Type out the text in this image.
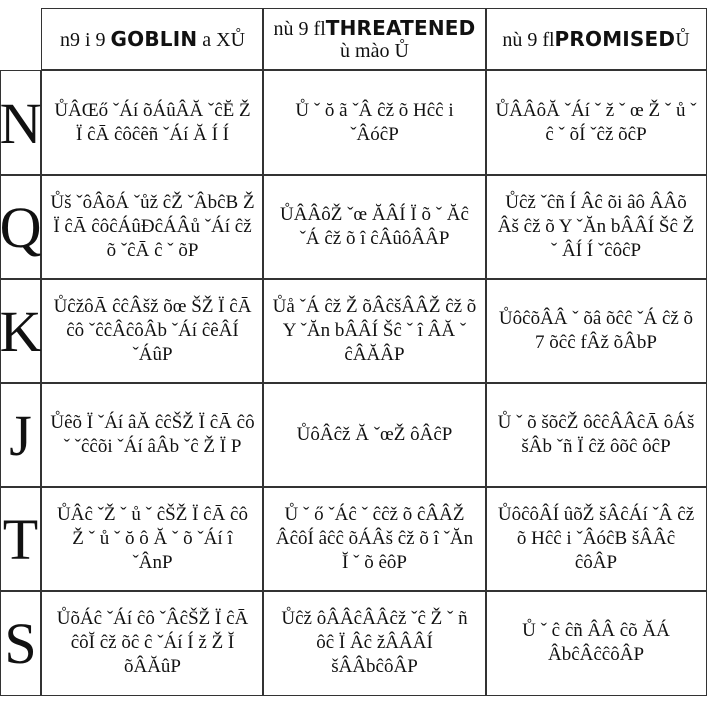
n9 i 9 GOBLIN a XŮ nù 9 flTHREATENED
ù mào Ů	nù 9 flPROMISEDŮ
N ŮÂŒő ˇÁí õÁûÂĂ ˇĉĔ Ž Ï ĉĀ ĉôĉêñ ˇÁí Ă Í Í
Ů ˇ ŏ ã ˇÂ ĉž õ Hĉĉ i ˇÂóĉP
ŮÂÂôĂ ˇÁí ˇ ž ˇ œ Ž ˇ ů ˇ ĉ ˇ õÍ ˇĉž õĉP
Q Ůš ˇôÂõÁ ˇůž ĉŽ ˇÂbĉB Ž Ï ĉĀ ĉôĉÁûĐĉÁÂů ˇÁí ĉž õ ˇĉĀ ĉ ˇ õP
ŮÂÂôŽ ˇœ ĂÂÍ Ï õ ˇ Ăĉ ˇÁ ĉž õ î ĉÂûôÂÂP
Ůĉž ˇĉñ Í Âĉ õi âô ÂÂõ Âš ĉž õ Y ˇĂn bÂÂÍ Šĉ Ž ˇ ÂÍ Í ˇĉôĉP
K ŮĉžôĀ ĉĉÂšž õœ ŠŽ Ï ĉĀ ĉô ˇĉĉÂĉôÂb ˇÁí ĉêÂÍ ˇÁûP
Ůå ˇÁ ĉž Ž õÂĉšÂÂŽ ĉž õ Y ˇĂn bÂÂÍ Šĉ ˇ î ÂĂ ˇ ĉÂĂÂP
ŮôĉõÂÂ ˇ õâ õĉĉ ˇÁ ĉž õ 7 õĉĉ fÂž õÂbP
J Ůêõ Ï ˇÁí âĂ ĉĉŠŽ Ï ĉĀ ĉô ˇ ˇĉĉõi ˇÁí âÂb ˇĉ Ž Ï P
ŮôÂĉž Ă ˇœŽ ôÂĉP
Ů ˇ õ šõĉŽ ôĉĉÂÂĉĀ ôÁš šÂb ˇñ Ï ĉž ôõĉ ôĉP
T ŮÂĉ ˇŽ ˇ ů ˇ ĉŠŽ Ï ĉĀ ĉô Ž ˇ ů ˇ ŏ ô Ă ˇ õ ˇÁí î ˇÂnP
Ů ˇ ő ˇÁĉ ˇ ĉĉž õ ĉÂÂŽ ÂĉôÍ âĉĉ õÁÂš ĉž õ î ˇĂn Ĭ ˇ õ êôP
ŮôĉôÂÍ ûõŽ šÂĉÁí ˇÂ ĉž õ Hĉĉ i ˇÂóĉB šÂÂĉ ĉôÂP
S	ŮõÁĉ ˇÁí ĉô ˇÂĉŠŽ Ï ĉĀ ĉôĬ ĉž õĉ ĉ ˇÁí Í ž Ž Ĭ õÂĂûP
Ůĉž ôÂÂĉÂÂĉž ˇĉ Ž ˇ ñ ôĉ Ï Âĉ žÂÂÂÍ šÂÂbĉôÂP
Ů ˇ ĉ ĉñ ÂÂ ĉõ ĂÁ ÂbĉÂĉĉôÂP
